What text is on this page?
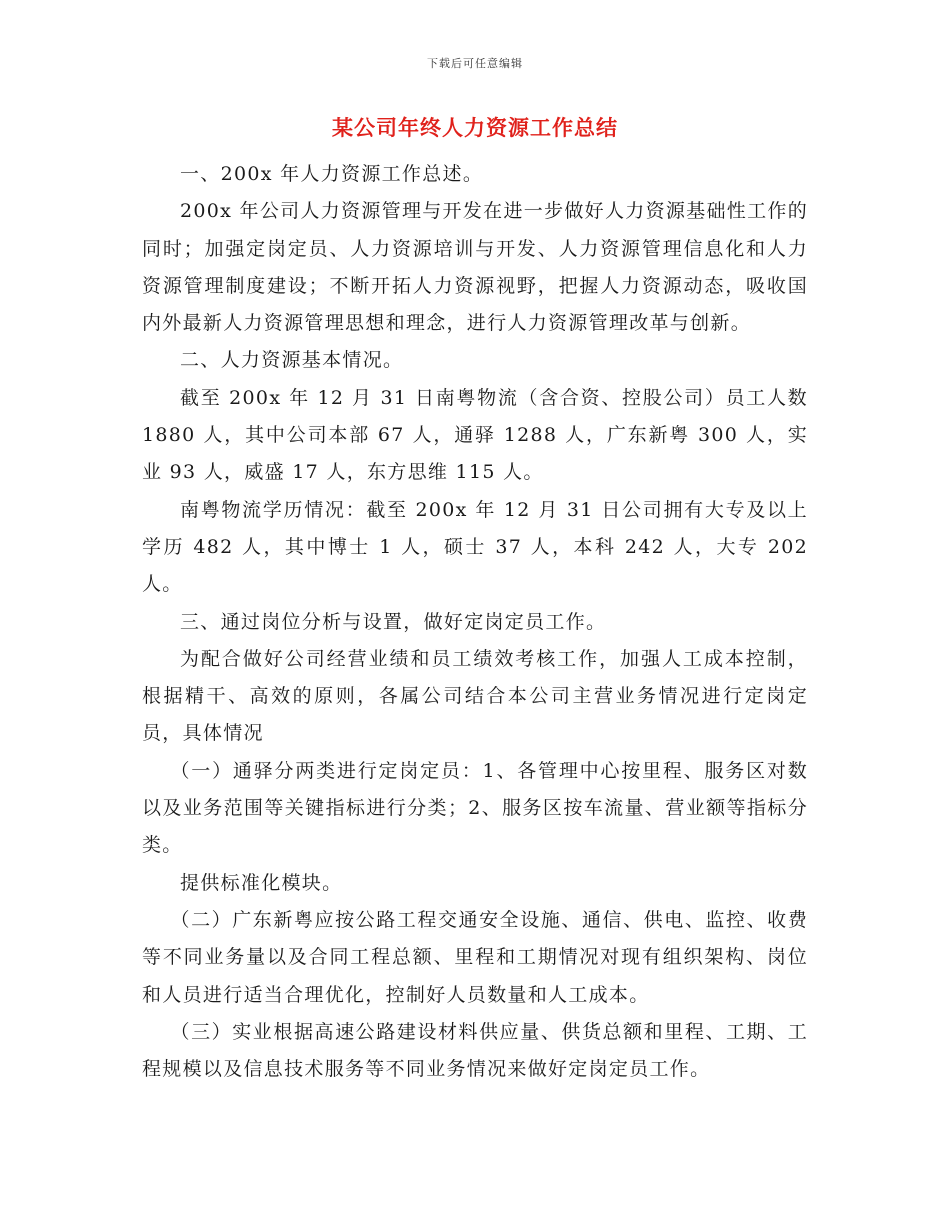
下载后可任意编辑
某公司年终人力资源工作总结

一、200x 年人力资源工作总述。

200x 年公司人力资源管理与开发在进一步做好人力资源基础性工作的同时；加强定岗定员、人力资源培训与开发、人力资源管理信息化和人力资源管理制度建设；不断开拓人力资源视野，把握人力资源动态，吸收国内外最新人力资源管理思想和理念，进行人力资源管理改革与创新。

二、人力资源基本情况。

截至 200x 年 12 月 31 日南粤物流（含合资、控股公司）员工人数 1880 人，其中公司本部 67 人，通驿 1288 人，广东新粤 300 人，实业 93 人，威盛 17 人，东方思维 115 人。

南粤物流学历情况：截至 200x 年 12 月 31 日公司拥有大专及以上学历 482 人，其中博士 1 人，硕士 37 人，本科 242 人，大专 202 人。

三、通过岗位分析与设置，做好定岗定员工作。

为配合做好公司经营业绩和员工绩效考核工作，加强人工成本控制，根据精干、高效的原则，各属公司结合本公司主营业务情况进行定岗定员，具体情况

（一）通驿分两类进行定岗定员：1、各管理中心按里程、服务区对数以及业务范围等关键指标进行分类；2、服务区按车流量、营业额等指标分类。

提供标准化模块。

（二）广东新粤应按公路工程交通安全设施、通信、供电、监控、收费等不同业务量以及合同工程总额、里程和工期情况对现有组织架构、岗位和人员进行适当合理优化，控制好人员数量和人工成本。

（三）实业根据高速公路建设材料供应量、供货总额和里程、工期、工程规模以及信息技术服务等不同业务情况来做好定岗定员工作。
